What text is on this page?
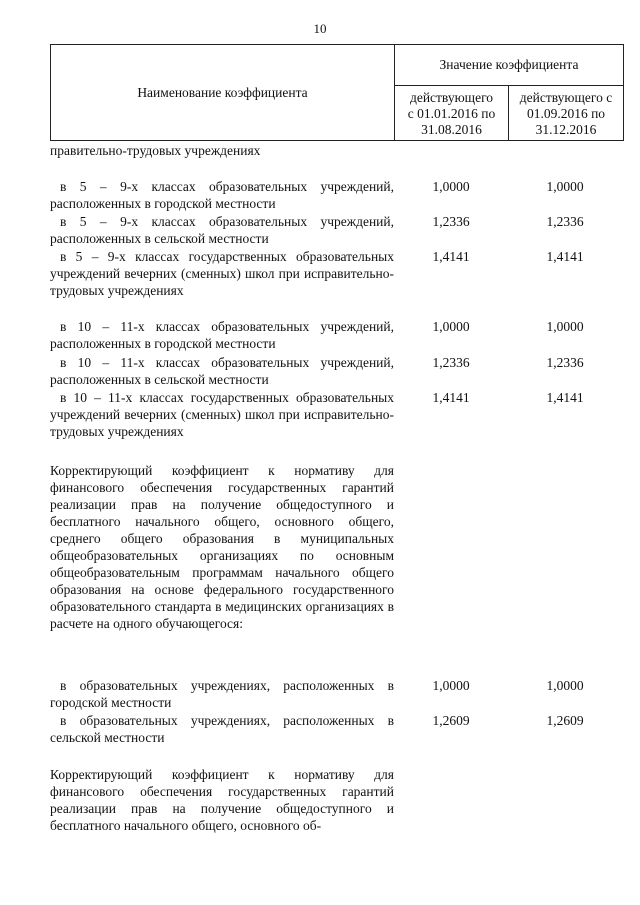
10
Наименование коэффициента	Значение коэффициента	
	действующего
с 01.01.2016 по
31.08.2016	действующего с
01.09.2016 по
31.12.2016
правительно-трудовых учреждениях
в 5 – 9-х классах образовательных учреждений, расположенных в городской местности
1,0000	1,0000
в 5 – 9-х классах образовательных учреждений, расположенных в сельской местности
1,2336	1,2336
в 5 – 9-х классах государственных образовательных учреждений вечерних (сменных) школ при исправительно-трудовых учреждениях
1,4141	1,4141
в 10 – 11-х классах образовательных учреждений, расположенных в городской местности
1,0000	1,0000
в 10 – 11-х классах образовательных учреждений, расположенных в сельской местности
1,2336	1,2336
в 10 – 11-х классах государственных образовательных учреждений вечерних (сменных) школ при исправительно-трудовых учреждениях
1,4141	1,4141
Корректирующий коэффициент к нормативу для финансового обеспечения государственных гарантий реализации прав на получение общедоступного и бесплатного начального общего, основного общего, среднего общего образования в муниципальных общеобразовательных организациях по основным общеобразовательным программам начального общего образования на основе федерального государственного образовательного стандарта в медицинских организациях в расчете на одного обучающегося:
в образовательных учреждениях, расположенных в городской местности
1,0000	1,0000
в образовательных учреждениях, расположенных в сельской местности
1,2609	1,2609
Корректирующий коэффициент к нормативу для финансового обеспечения государственных гарантий реализации прав на получение общедоступного и бесплатного начального общего, основного об-
